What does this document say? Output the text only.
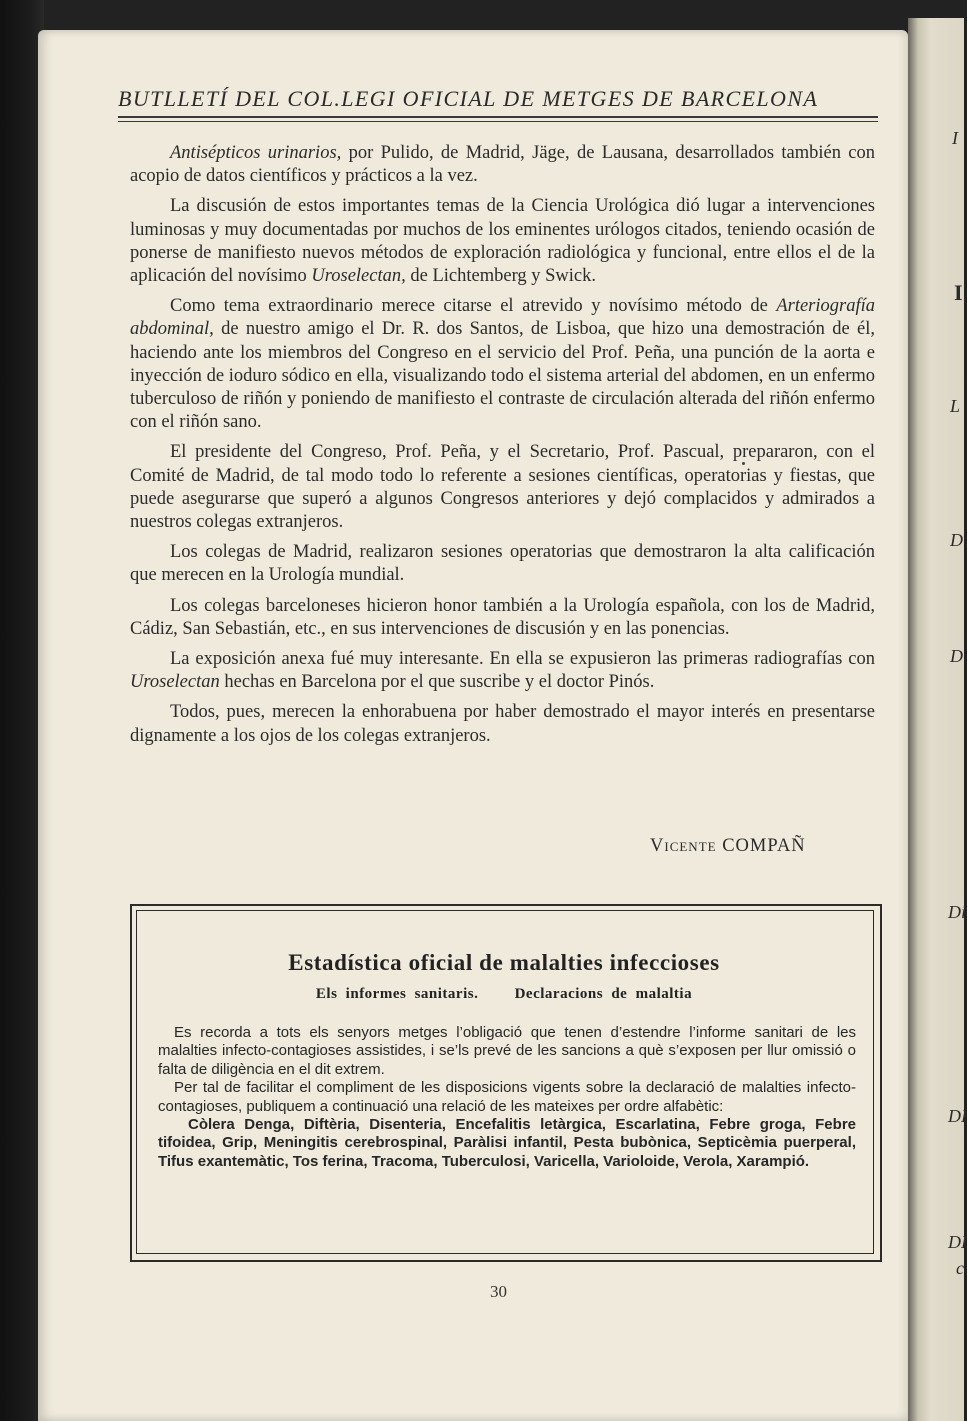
I
I
L
D
D
Di
DI
DI
c
BUTLLETÍ DEL COL.LEGI OFICIAL DE METGES DE BARCELONA

Antisépticos urinarios, por Pulido, de Madrid, Jäge, de Lausana, desarrollados también con acopio de datos científicos y prácticos a la vez.

La discusión de estos importantes temas de la Ciencia Urológica dió lugar a intervenciones luminosas y muy documentadas por muchos de los eminentes urólogos citados, teniendo ocasión de ponerse de manifiesto nuevos métodos de exploración radiológica y funcional, entre ellos el de la aplicación del novísimo Uroselectan, de Lichtemberg y Swick.

Como tema extraordinario merece citarse el atrevido y novísimo método de Arteriografía abdominal, de nuestro amigo el Dr. R. dos Santos, de Lisboa, que hizo una demostración de él, haciendo ante los miembros del Congreso en el servicio del Prof. Peña, una punción de la aorta e inyección de ioduro sódico en ella, visualizando todo el sistema arterial del abdomen, en un enfermo tuberculoso de riñón y poniendo de manifiesto el contraste de circulación alterada del riñón enfermo con el riñón sano.

El presidente del Congreso, Prof. Peña, y el Secretario, Prof. Pascual, prepararon, con el Comité de Madrid, de tal modo todo lo referente a sesiones científicas, operatorias y fiestas, que puede asegurarse que superó a algunos Congresos anteriores y dejó complacidos y admirados a nuestros colegas extranjeros.

Los colegas de Madrid, realizaron sesiones operatorias que demostraron la alta calificación que merecen en la Urología mundial.

Los colegas barceloneses hicieron honor también a la Urología española, con los de Madrid, Cádiz, San Sebastián, etc., en sus intervenciones de discusión y en las ponencias.

La exposición anexa fué muy interesante. En ella se expusieron las primeras radiografías con Uroselectan hechas en Barcelona por el que suscribe y el doctor Pinós.

Todos, pues, merecen la enhorabuena por haber demostrado el mayor interés en presentarse dignamente a los ojos de los colegas extranjeros.

Vicente COMPAÑ
Estadística oficial de malalties infeccioses
Els informes sanitaris. Declaracions de malaltia

Es recorda a tots els senyors metges l’obligació que tenen d’estendre l’informe sanitari de les malalties infecto-contagioses assistides, i se’ls prevé de les sancions a què s’exposen per llur omissió o falta de diligència en el dit extrem.

Per tal de facilitar el compliment de les disposicions vigents sobre la declaració de malalties infecto-contagioses, publiquem a continuació una relació de les mateixes per ordre alfabètic:

Còlera Denga, Diftèria, Disenteria, Encefalitis letàrgica, Escarlatina, Febre groga, Febre tifoidea, Grip, Meningitis cerebrospinal, Paràlisi infantil, Pesta bubònica, Septicèmia puerperal, Tifus exantemàtic, Tos ferina, Tracoma, Tuberculosi, Varicella, Varioloide, Verola, Xarampió.

30
